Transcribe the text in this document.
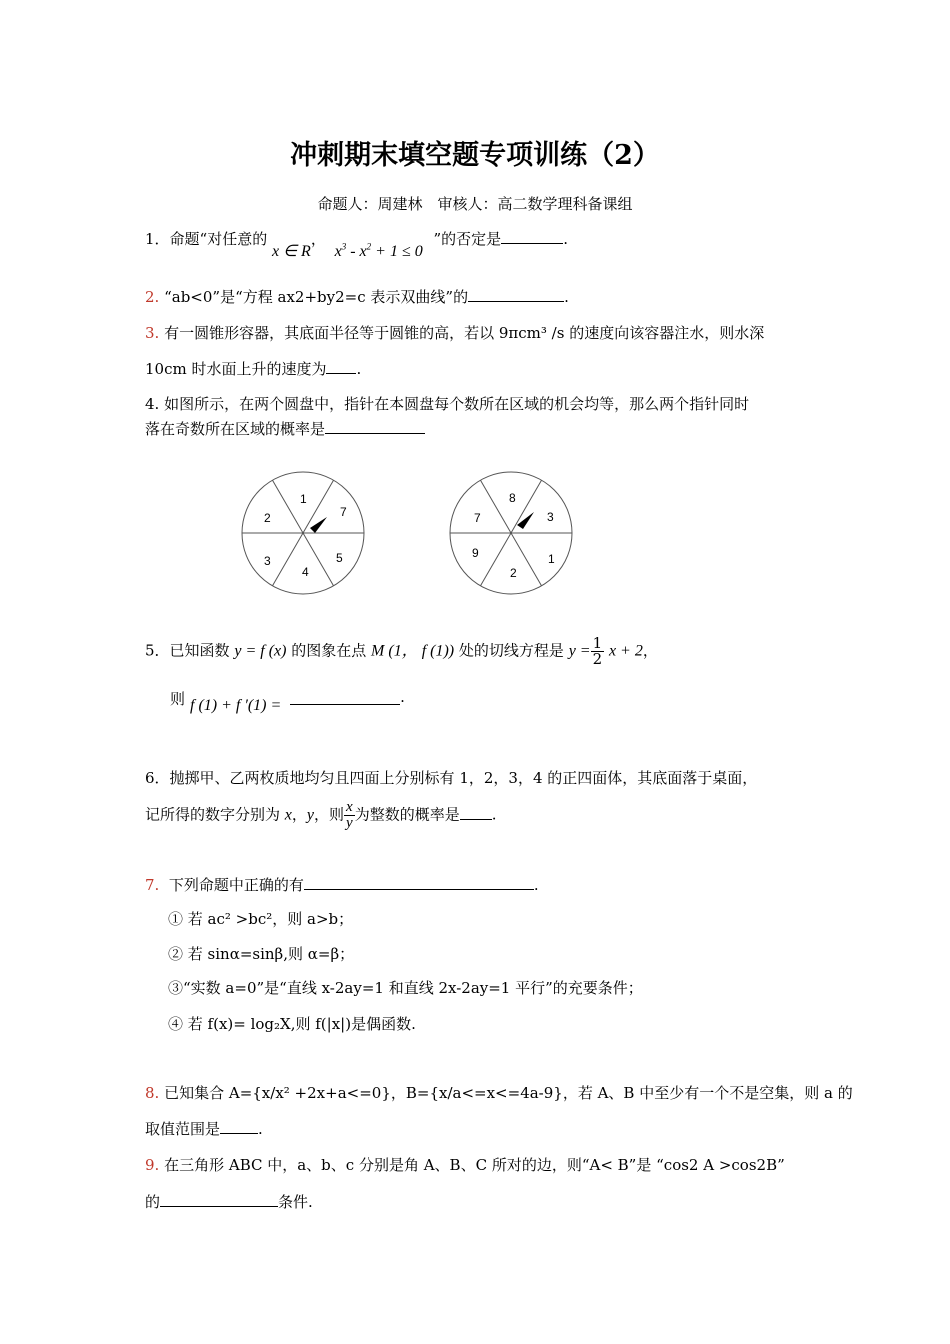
冲刺期末填空题专项训练（2）
命题人：周建林　审核人：高二数学理科备课组
1．命题“对任意的 x ∈ R， $x^3 - x^2 + 1 \le 0$ ”的否定是	.
2. “ab<0”是“方程 ax2+by2=c 表示双曲线”的	.
3. 有一圆锥形容器，其底面半径等于圆锥的高，若以 9πcm³ /s 的速度向该容器注水，则水深
10cm 时水面上升的速度为 .
4. 如图所示，在两个圆盘中，指针在本圆盘每个数所在区域的机会均等，那么两个指针同时
落在奇数所在区域的概率是
1
7
5
4
3
2
8
3
1
2
9
7
5．已知函数 y = f (x) 的图象在点 M (1， f (1)) 处的切线方程是 $y = \frac{1}{2}$ x + 2，
则 f (1) + f ′(1) =	.
6．抛掷甲、乙两枚质地均匀且四面上分别标有 1，2，3，4 的正四面体，其底面落于桌面，
记所得的数字分别为 x，y，则 $\frac{x}{y}$ 为整数的概率是 .
7. 下列命题中正确的有	.
① 若 ac² >bc²，则 a>b；
② 若 sinα=sinβ,则 α=β；
③“实数 a=0”是“直线 x-2ay=1 和直线 2x-2ay=1 平行”的充要条件；
④ 若 f(x)= log₂X,则 f(|x|)是偶函数.
8. 已知集合 A={x/x² +2x+a<=0}，B={x/a<=x<=4a-9}，若 A、B 中至少有一个不是空集，则 a 的
取值范围是	.
9. 在三角形 ABC 中，a、b、c 分别是角 A、B、C 所对的边，则“A< B”是 “cos2 A >cos2B”
的	条件.
